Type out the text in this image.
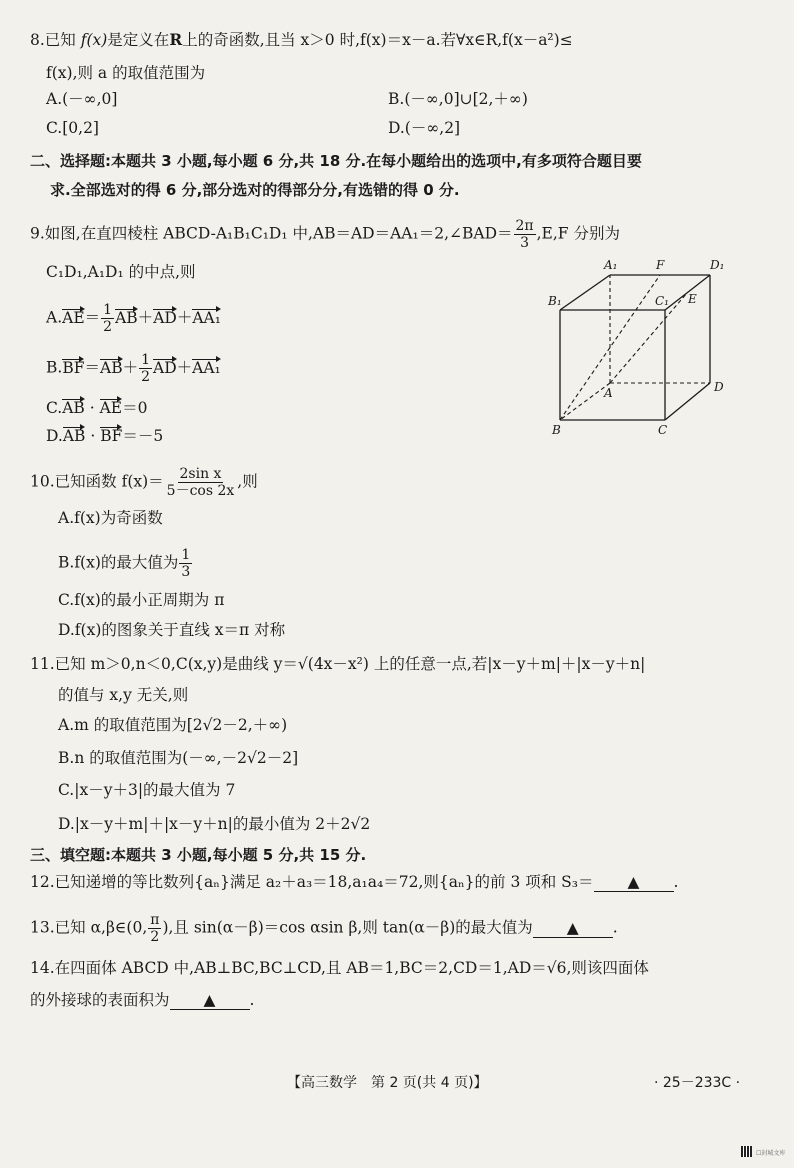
8.已知 f(x)是定义在R上的奇函数,且当 x＞0 时,f(x)＝x－a.若∀x∈R,f(x－a²)≤
f(x),则 a 的取值范围为
A.(－∞,0]	B.(－∞,0]∪[2,＋∞)
C.[0,2]	D.(－∞,2]
二、选择题:本题共 3 小题,每小题 6 分,共 18 分.在每小题给出的选项中,有多项符合题目要
求.全部选对的得 6 分,部分选对的得部分分,有选错的得 0 分.
9.如图,在直四棱柱 ABCD-A₁B₁C₁D₁ 中,AB＝AD＝AA₁＝2,∠BAD＝ $\frac{2\pi}{3} ,E,F$ 分别为
C₁D₁,A₁D₁ 的中点,则
$A.AE= \frac{1}{2} AB+AD+AA_1$
$B.BF=AB+ \frac{1}{2} AD+AA_1$
C.AB · AE＝0
D.AB · BF＝－5
A₁	F	D₁
B₁	C₁ E
A	D
B	C
10.已知函数 $f(x)= \frac{\text{2sin x}}{5-\cos 2x}$ ,则
A.f(x)为奇函数
B.f(x)的最大值为 $\frac{1}{3}$
C.f(x)的最小正周期为 π
D.f(x)的图象关于直线 x＝π 对称
11.已知 m＞0,n＜0,C(x,y)是曲线 y＝√(4x－x²) 上的任意一点,若|x－y＋m|＋|x－y＋n|
的值与 x,y 无关,则
A.m 的取值范围为[2√2－2,＋∞)
B.n 的取值范围为(－∞,－2√2－2]
C.|x－y＋3|的最大值为 7
D.|x－y＋m|＋|x－y＋n|的最小值为 2＋2√2
三、填空题:本题共 3 小题,每小题 5 分,共 15 分.
12.已知递增的等比数列{aₙ}满足 a₂＋a₃＝18,a₁a₄＝72,则{aₙ}的前 3 项和 S₃＝ ▲ .
13.已知 α,β∈(0, $\frac{\pi}{2}$ ),且 sin(α－β)＝cos αsin β,则 tan(α－β)的最大值为 ▲ .
14.在四面体 ABCD 中,AB⊥BC,BC⊥CD,且 AB＝1,BC＝2,CD＝1,AD＝√6,则该四面体
的外接球的表面积为 ▲ .
【高三数学　第 2 页(共 4 页)】	· 25－233C ·
☐封城文库
